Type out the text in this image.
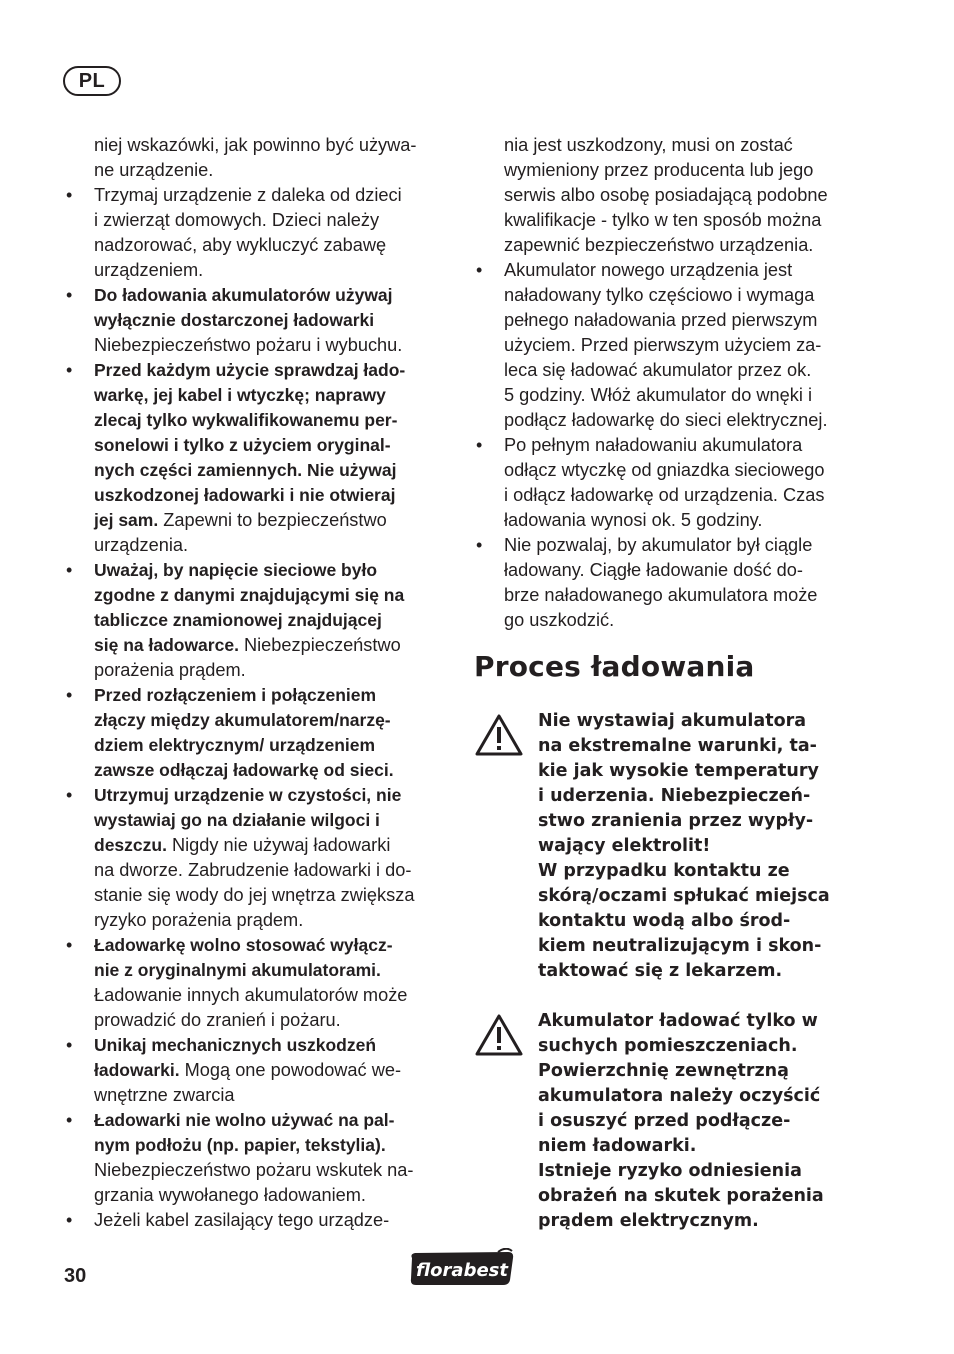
PL
niej wskazówki, jak powinno być używa-
ne urządzenie.
• Trzymaj urządzenie z daleka od dzieci
i zwierząt domowych. Dzieci należy
nadzorować, aby wykluczyć zabawę
urządzeniem.
• Do ładowania akumulatorów używaj
wyłącznie dostarczonej ładowarki
Niebezpieczeństwo pożaru i wybuchu.
• Przed każdym użycie sprawdzaj łado-
warkę, jej kabel i wtyczkę; naprawy
zlecaj tylko wykwalifikowanemu per-
sonelowi i tylko z użyciem oryginal-
nych części zamiennych. Nie używaj
uszkodzonej ładowarki i nie otwieraj
jej sam. Zapewni to bezpieczeństwo
urządzenia.
• Uważaj, by napięcie sieciowe było
zgodne z danymi znajdującymi się na
tabliczce znamionowej znajdującej
się na ładowarce. Niebezpieczeństwo
porażenia prądem.
• Przed rozłączeniem i połączeniem
złączy między akumulatorem/narzę-
dziem elektrycznym/ urządzeniem
zawsze odłączaj ładowarkę od sieci.
• Utrzymuj urządzenie w czystości, nie
wystawiaj go na działanie wilgoci i
deszczu. Nigdy nie używaj ładowarki
na dworze. Zabrudzenie ładowarki i do-
stanie się wody do jej wnętrza zwiększa
ryzyko porażenia prądem.
• Ładowarkę wolno stosować wyłącz-
nie z oryginalnymi akumulatorami.
Ładowanie innych akumulatorów może
prowadzić do zranień i pożaru.
• Unikaj mechanicznych uszkodzeń
ładowarki. Mogą one powodować we-
wnętrzne zwarcia
• Ładowarki nie wolno używać na pal-
nym podłożu (np. papier, tekstylia).
Niebezpieczeństwo pożaru wskutek na-
grzania wywołanego ładowaniem.
• Jeżeli kabel zasilający tego urządze-
nia jest uszkodzony, musi on zostać
wymieniony przez producenta lub jego
serwis albo osobę posiadającą podobne
kwalifikacje - tylko w ten sposób można
zapewnić bezpieczeństwo urządzenia.
• Akumulator nowego urządzenia jest
naładowany tylko częściowo i wymaga
pełnego naładowania przed pierwszym
użyciem. Przed pierwszym użyciem za-
leca się ładować akumulator przez ok.
5 godziny. Włóż akumulator do wnęki i
podłącz ładowarkę do sieci elektrycznej.
• Po pełnym naładowaniu akumulatora
odłącz wtyczkę od gniazdka sieciowego
i odłącz ładowarkę od urządzenia. Czas
ładowania wynosi ok. 5 godziny.
• Nie pozwalaj, by akumulator był ciągle
ładowany. Ciągłe ładowanie dość do-
brze naładowanego akumulatora może
go uszkodzić.
Proces ładowania
Nie wystawiaj akumulatora
na ekstremalne warunki, ta-
kie jak wysokie temperatury
i uderzenia. Niebezpieczeń-
stwo zranienia przez wypły-
wający elektrolit!
W przypadku kontaktu ze
skórą/oczami spłukać miejsca
kontaktu wodą albo środ-
kiem neutralizującym i skon-
taktować się z lekarzem.
Akumulator ładować tylko w
suchych pomieszczeniach.
Powierzchnię zewnętrzną
akumulatora należy oczyścić
i osuszyć przed podłącze-
niem ładowarki.
Istnieje ryzyko odniesienia
obrażeń na skutek porażenia
prądem elektrycznym.
30	florabest
